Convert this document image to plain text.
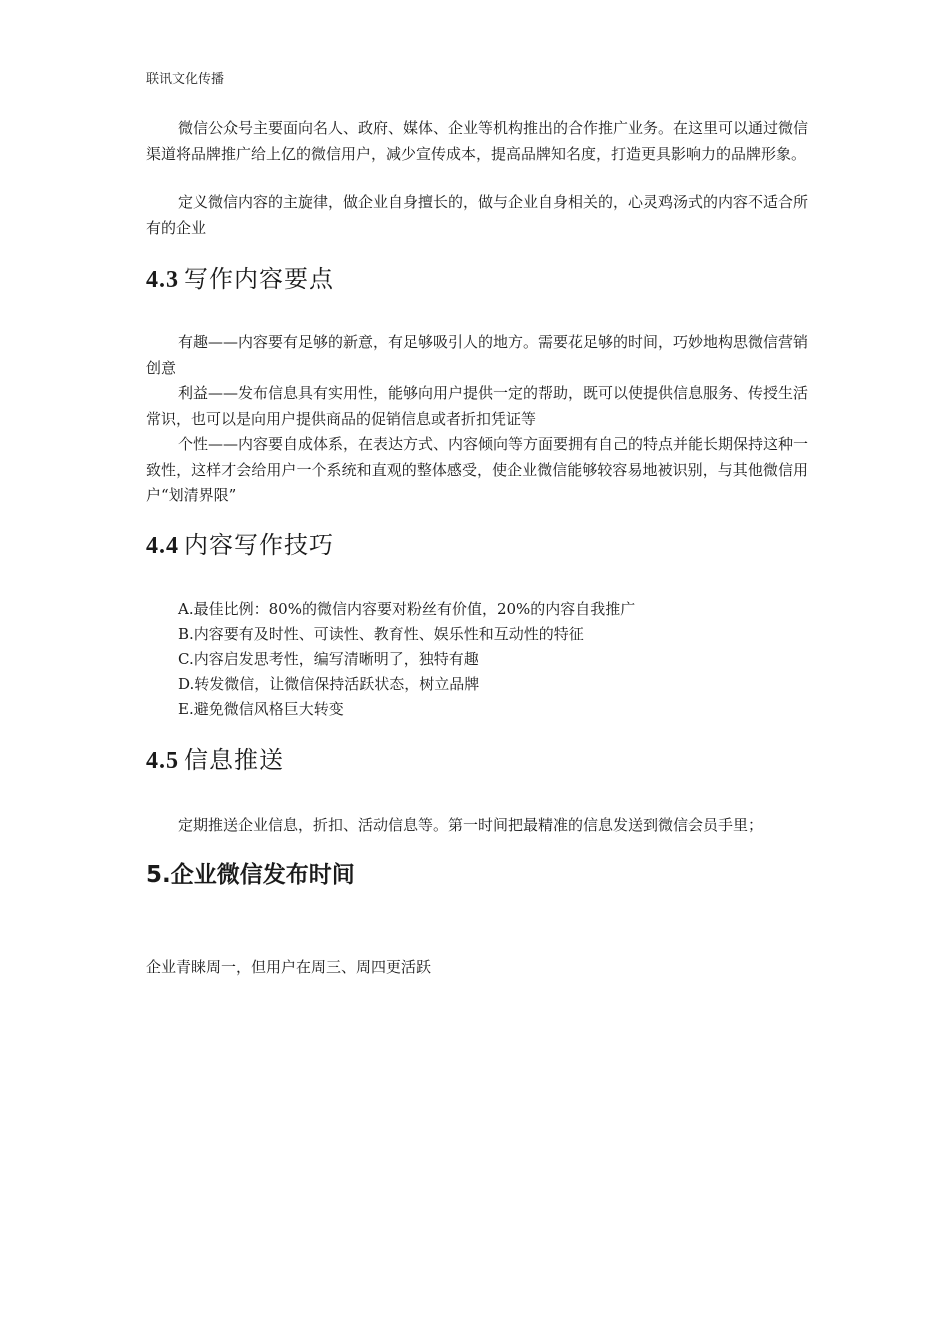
联讯文化传播

微信公众号主要面向名人、政府、媒体、企业等机构推出的合作推广业务。在这里可以通过微信渠道将品牌推广给上亿的微信用户，减少宣传成本，提高品牌知名度，打造更具影响力的品牌形象。

定义微信内容的主旋律，做企业自身擅长的，做与企业自身相关的，心灵鸡汤式的内容不适合所有的企业

4.3 写作内容要点

有趣——内容要有足够的新意，有足够吸引人的地方。需要花足够的时间，巧妙地构思微信营销创意

利益——发布信息具有实用性，能够向用户提供一定的帮助，既可以使提供信息服务、传授生活常识，也可以是向用户提供商品的促销信息或者折扣凭证等

个性——内容要自成体系，在表达方式、内容倾向等方面要拥有自己的特点并能长期保持这种一致性，这样才会给用户一个系统和直观的整体感受，使企业微信能够较容易地被识别，与其他微信用户“划清界限”

4.4 内容写作技巧
A.最佳比例：80%的微信内容要对粉丝有价值，20%的内容自我推广
B.内容要有及时性、可读性、教育性、娱乐性和互动性的特征
C.内容启发思考性，编写清晰明了，独特有趣
D.转发微信，让微信保持活跃状态，树立品牌
E.避免微信风格巨大转变
4.5 信息推送

定期推送企业信息，折扣、活动信息等。第一时间把最精准的信息发送到微信会员手里；

5.企业微信发布时间

企业青睐周一，但用户在周三、周四更活跃
